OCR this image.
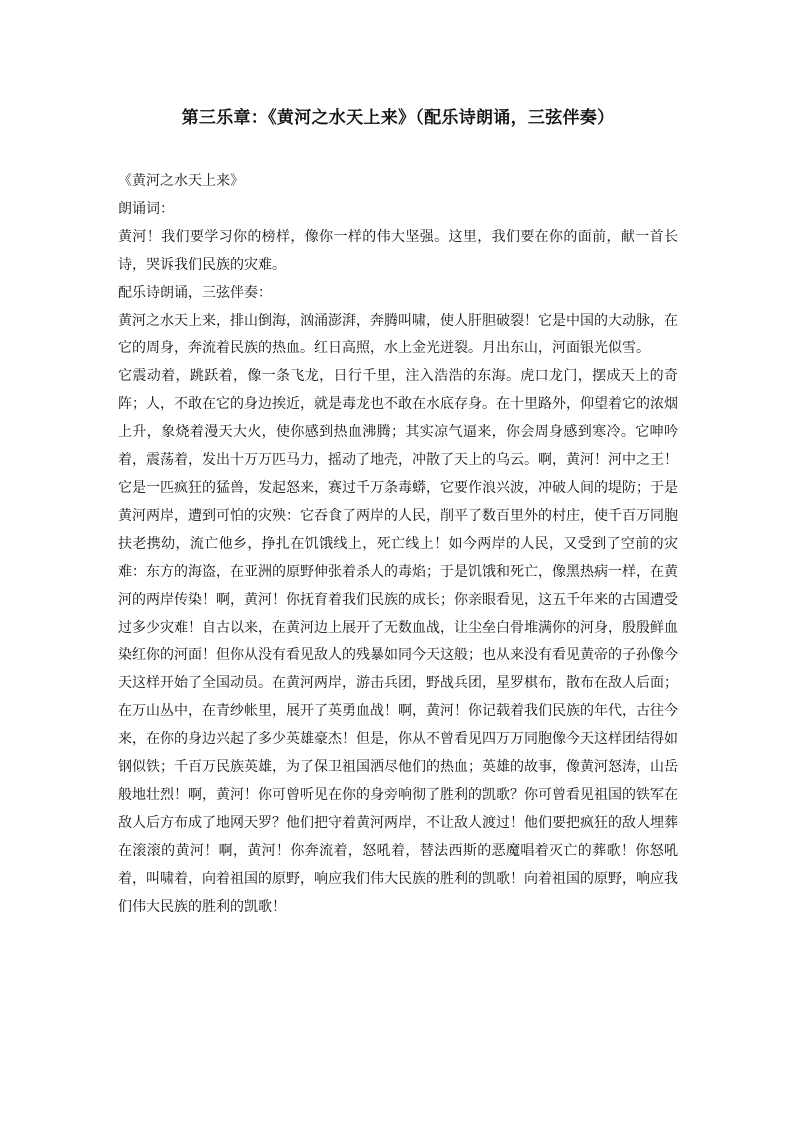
第三乐章：《黄河之水天上来》（配乐诗朗诵，三弦伴奏）

《黄河之水天上来》

朗诵词：

黄河！我们要学习你的榜样，像你一样的伟大坚强。这里，我们要在你的面前，献一首长诗，哭诉我们民族的灾难。

配乐诗朗诵，三弦伴奏：

黄河之水天上来，排山倒海，汹涌澎湃，奔腾叫啸，使人肝胆破裂！它是中国的大动脉，在它的周身，奔流着民族的热血。红日高照，水上金光迸裂。月出东山，河面银光似雪。

它震动着，跳跃着，像一条飞龙，日行千里，注入浩浩的东海。虎口龙门，摆成天上的奇阵；人，不敢在它的身边挨近，就是毒龙也不敢在水底存身。在十里路外，仰望着它的浓烟上升，象烧着漫天大火，使你感到热血沸腾；其实凉气逼来，你会周身感到寒冷。它呻吟着，震荡着，发出十万万匹马力，摇动了地壳，冲散了天上的乌云。啊，黄河！河中之王！它是一匹疯狂的猛兽，发起怒来，赛过千万条毒蟒，它要作浪兴波，冲破人间的堤防；于是黄河两岸，遭到可怕的灾殃：它吞食了两岸的人民，削平了数百里外的村庄，使千百万同胞扶老携幼，流亡他乡，挣扎在饥饿线上，死亡线上！如今两岸的人民，又受到了空前的灾难：东方的海盗，在亚洲的原野伸张着杀人的毒焰；于是饥饿和死亡，像黑热病一样，在黄河的两岸传染！啊，黄河！你抚育着我们民族的成长；你亲眼看见，这五千年来的古国遭受过多少灾难！自古以来，在黄河边上展开了无数血战，让尘垒白骨堆满你的河身，殷殷鲜血染红你的河面！但你从没有看见敌人的残暴如同今天这般；也从来没有看见黄帝的子孙像今天这样开始了全国动员。在黄河两岸，游击兵团，野战兵团，星罗棋布，散布在敌人后面；在万山丛中，在青纱帐里，展开了英勇血战！啊，黄河！你记载着我们民族的年代，古往今来，在你的身边兴起了多少英雄豪杰！但是，你从不曾看见四万万同胞像今天这样团结得如钢似铁；千百万民族英雄，为了保卫祖国洒尽他们的热血；英雄的故事，像黄河怒涛，山岳般地壮烈！啊，黄河！你可曾听见在你的身旁响彻了胜利的凯歌？你可曾看见祖国的铁军在敌人后方布成了地网天罗？他们把守着黄河两岸，不让敌人渡过！他们要把疯狂的敌人埋葬在滚滚的黄河！啊，黄河！你奔流着，怒吼着，替法西斯的恶魔唱着灭亡的葬歌！你怒吼着，叫啸着，向着祖国的原野，响应我们伟大民族的胜利的凯歌！向着祖国的原野，响应我们伟大民族的胜利的凯歌！
